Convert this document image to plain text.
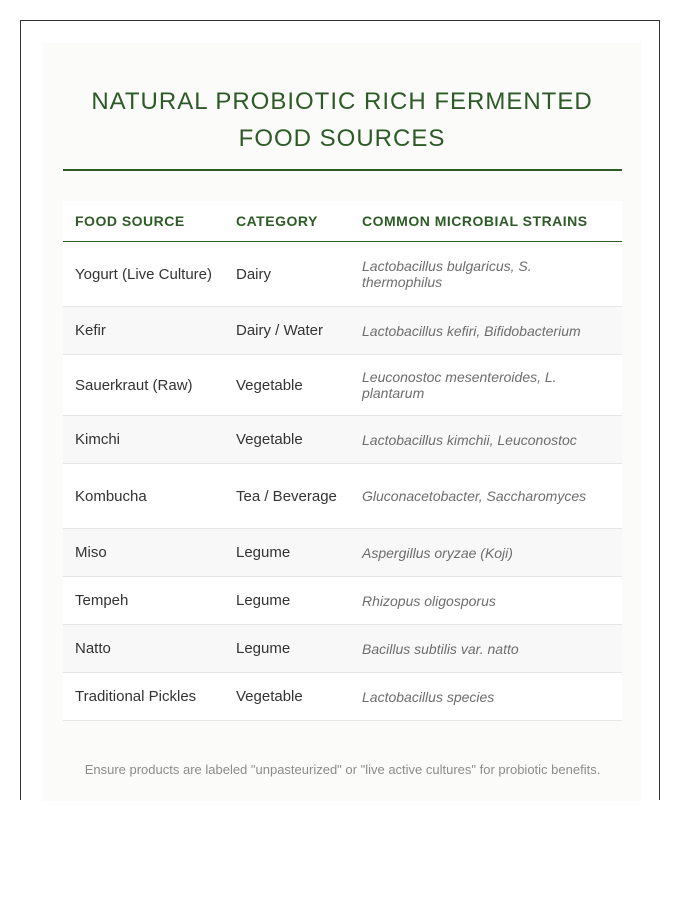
NATURAL PROBIOTIC RICH FERMENTED FOOD SOURCES
FOOD SOURCE	CATEGORY	COMMON MICROBIAL STRAINS
Yogurt (Live Culture)	Dairy	Lactobacillus bulgaricus, S. thermophilus
Kefir	Dairy / Water	Lactobacillus kefiri, Bifidobacterium
Sauerkraut (Raw)	Vegetable	Leuconostoc mesenteroides, L. plantarum
Kimchi	Vegetable	Lactobacillus kimchii, Leuconostoc
Kombucha	Tea / Beverage	Gluconacetobacter, Saccharomyces
Miso	Legume	Aspergillus oryzae (Koji)
Tempeh	Legume	Rhizopus oligosporus
Natto	Legume	Bacillus subtilis var. natto
Traditional Pickles	Vegetable	Lactobacillus species

Ensure products are labeled "unpasteurized" or "live active cultures" for probiotic benefits.
